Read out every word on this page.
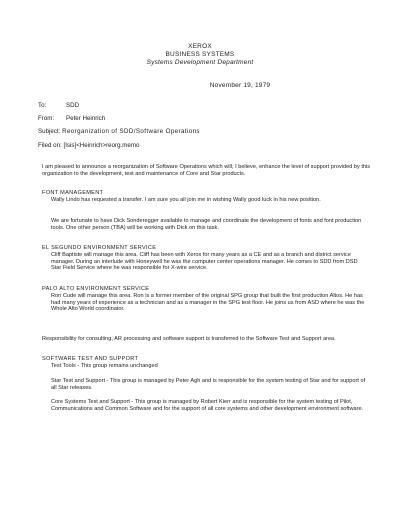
XEROX
BUSINESS SYSTEMS
Systems Development Department
November 19, 1979
To:	SDD
From: Peter Heinrich
Subject: Reorganization of SDD/Software Operations
Filed on: [Isis]<Heinrich>reorg.memo

I am pleased to announce a reorganization of Software Operations which will, I believe, enhance the level of support provided by this organization to the development, test and maintenance of Core and Star products.

FONT MANAGEMENT

Wally Lindo has requested a transfer. I am sure you all join me in wishing Wally good luck in his new position.

We are fortunate to have Dick Sonderegger available to manage and coordinate the development of fonts and font production tools. One other person (TBA) will be working with Dick on this task.

EL SEGUNDO ENVIRONMENT SERVICE

Cliff Baptiste will manage this area. Cliff has been with Xerox for many years as a CE and as a branch and district service manager. During an interlude with Honeywell he was the computer center operations manager. He comes to SDD from DSD Star Field Service where he was responsible for X-wire service.

PALO ALTO ENVIRONMENT SERVICE

Ron Cude will manage this area. Ron is a former member of the original SPG group that built the first production Altos. He has had many years of experience as a technician and as a manager in the SPG test floor. He joins us from ASD where he was the Whole Alto World coordinator.

Responsibility for consulting, AR processing and software support is transferred to the Software Test and Support area.

SOFTWARE TEST AND SUPPORT

Test Tools - This group remains unchanged

Star Test and Support - This group is managed by Peter Agh and is responsible for the system testing of Star and for support of all Star releases.

Core Systems Test and Support - This group is managed by Robert Kierr and is responsible for the system testing of Pilot, Communications and Common Software and for the support of all core systems and other development environment software.
